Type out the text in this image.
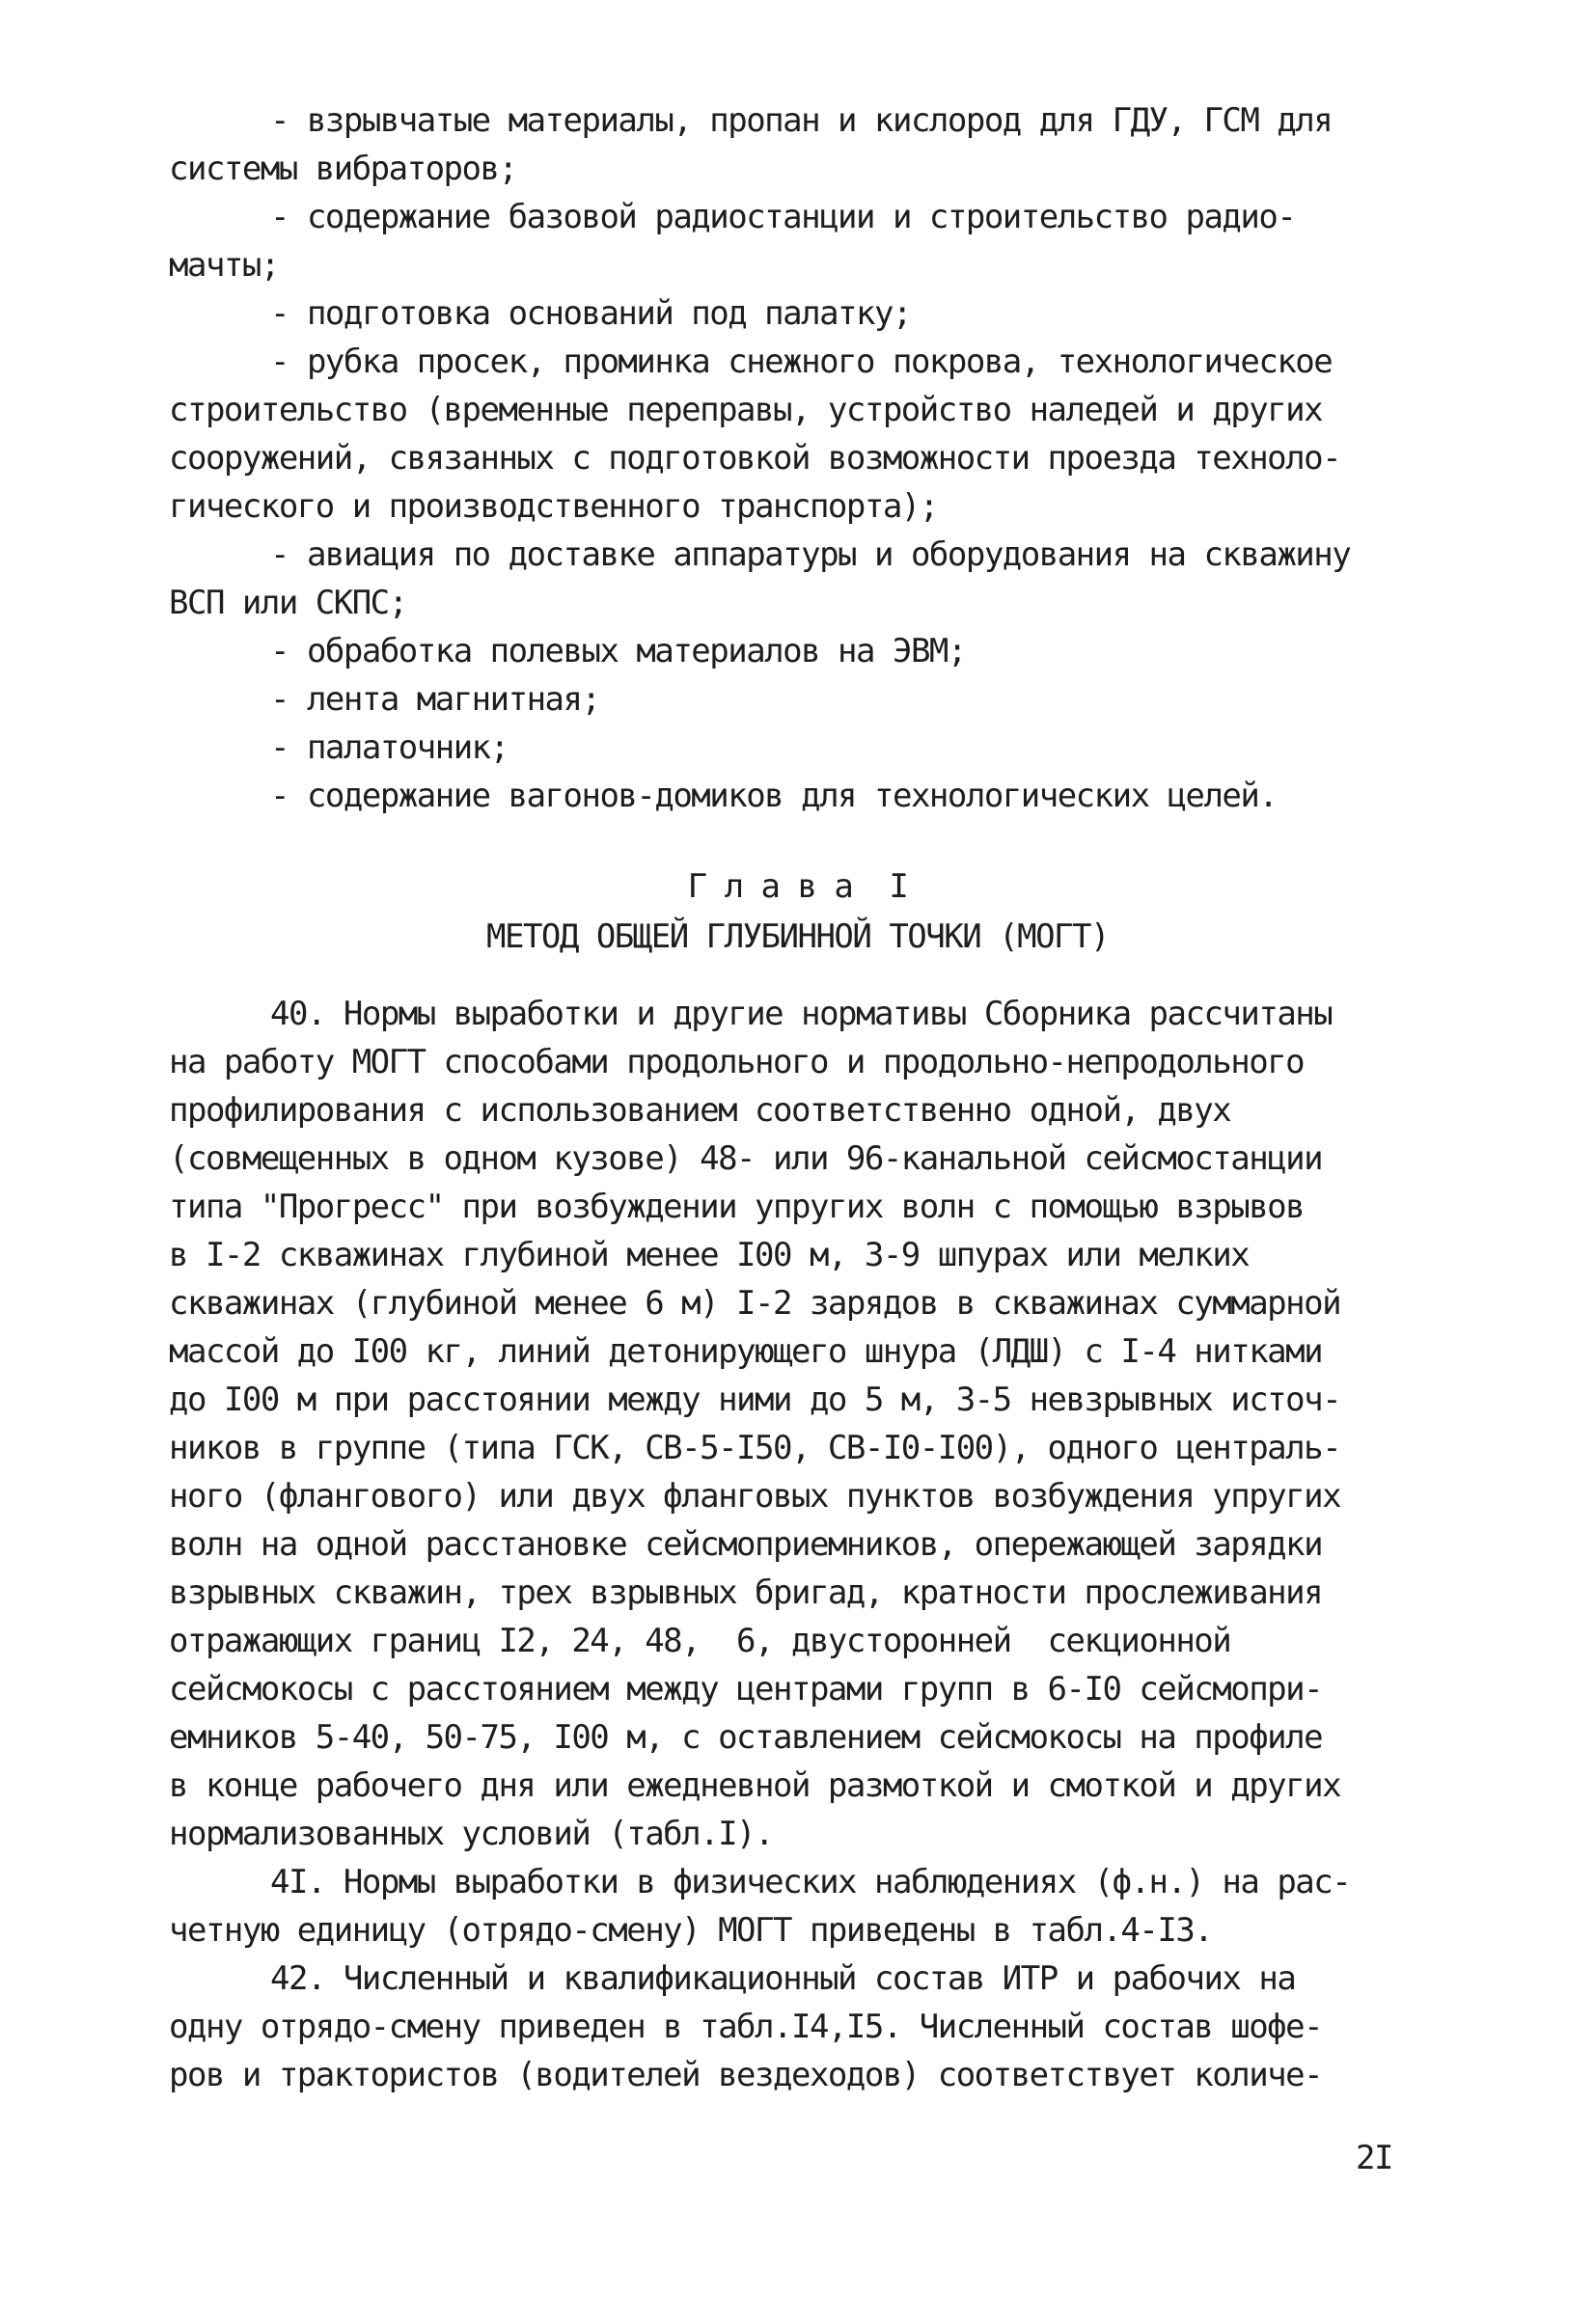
- взрывчатые материалы, пропан и кислород для ГДУ, ГСМ для
системы вибраторов;
- содержание базовой радиостанции и строительство радио-
мачты;
- подготовка оснований под палатку;
- рубка просек, проминка снежного покрова, технологическое
строительство (временные переправы, устройство наледей и других
сооружений, связанных с подготовкой возможности проезда техноло-
гического и производственного транспорта);
- авиация по доставке аппаратуры и оборудования на скважину
ВСП или СКПС;
- обработка полевых материалов на ЭВМ;
- лента магнитная;
- палаточник;
- содержание вагонов-домиков для технологических целей.
Г л а в а  I
МЕТОД ОБЩЕЙ ГЛУБИННОЙ ТОЧКИ (МОГТ)
40. Нормы выработки и другие нормативы Сборника рассчитаны
на работу МОГТ способами продольного и продольно-непродольного
профилирования с использованием соответственно одной, двух
(совмещенных в одном кузове) 48- или 96-канальной сейсмостанции
типа "Прогресс" при возбуждении упругих волн с помощью взрывов
в I-2 скважинах глубиной менее I00 м, 3-9 шпурах или мелких
скважинах (глубиной менее 6 м) I-2 зарядов в скважинах суммарной
массой до I00 кг, линий детонирующего шнура (ЛДШ) с I-4 нитками
до I00 м при расстоянии между ними до 5 м, 3-5 невзрывных источ-
ников в группе (типа ГСК, СВ-5-I50, СВ-I0-I00), одного централь-
ного (флангового) или двух фланговых пунктов возбуждения упругих
волн на одной расстановке сейсмоприемников, опережающей зарядки
взрывных скважин, трех взрывных бригад, кратности прослеживания
отражающих границ I2, 24, 48,  6, двусторонней  секционной
сейсмокосы с расстоянием между центрами групп в 6-I0 сейсмопри-
емников 5-40, 50-75, I00 м, с оставлением сейсмокосы на профиле
в конце рабочего дня или ежедневной размоткой и смоткой и других
нормализованных условий (табл.I).
4I. Нормы выработки в физических наблюдениях (ф.н.) на рас-
четную единицу (отрядо-смену) МОГТ приведены в табл.4-I3.
42. Численный и квалификационный состав ИТР и рабочих на
одну отрядо-смену приведен в табл.I4,I5. Численный состав шофе-
ров и трактористов (водителей вездеходов) соответствует количе-
2I
